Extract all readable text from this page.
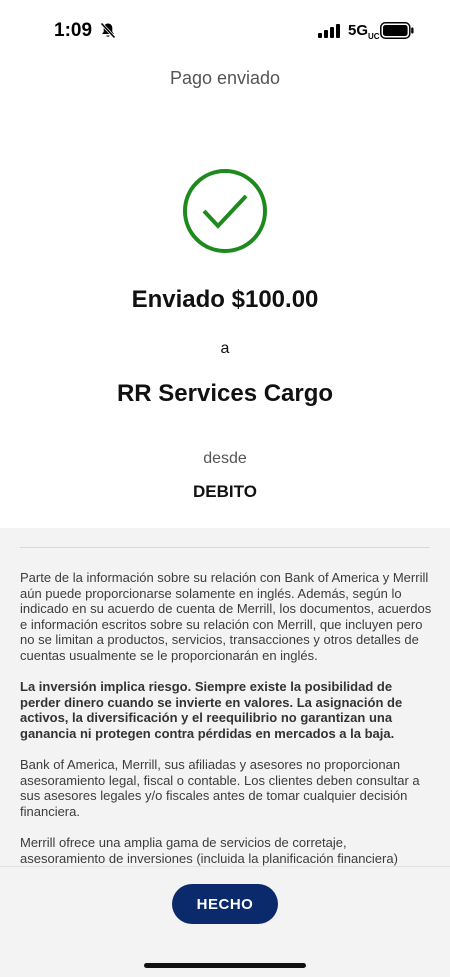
1:09	$5G_{UC}$
Pago enviado
Enviado $100.00
a
RR Services Cargo
desde
DEBITO

Parte de la información sobre su relación con Bank of America y Merrill aún puede proporcionarse solamente en inglés. Además, según lo indicado en su acuerdo de cuenta de Merrill, los documentos, acuerdos e información escritos sobre su relación con Merrill, que incluyen pero no se limitan a productos, servicios, transacciones y otros detalles de cuentas usualmente se le proporcionarán en inglés.

La inversión implica riesgo. Siempre existe la posibilidad de perder dinero cuando se invierte en valores. La asignación de activos, la diversificación y el reequilibrio no garantizan una ganancia ni protegen contra pérdidas en mercados a la baja.

Bank of America, Merrill, sus afiliadas y asesores no proporcionan asesoramiento legal, fiscal o contable. Los clientes deben consultar a sus asesores legales y/o fiscales antes de tomar cualquier decisión financiera.

Merrill ofrece una amplia gama de servicios de corretaje, asesoramiento de inversiones (incluida la planificación financiera)

HECHO
